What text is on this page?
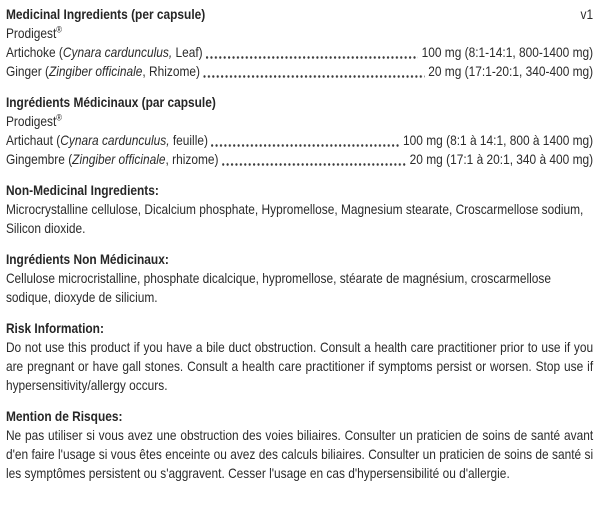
Medicinal Ingredients (per capsule)	v1

Prodigest®

Artichoke (Cynara cardunculus, Leaf)	100 mg (8:1-14:1, 800-1400 mg)
Ginger (Zingiber officinale, Rhizome)	20 mg (17:1-20:1, 340-400 mg)
Ingrédients Médicinaux (par capsule)

Prodigest®

Artichaut (Cynara cardunculus, feuille)	100 mg (8:1 à 14:1, 800 à 1400 mg)
Gingembre (Zingiber officinale, rhizome)	20 mg (17:1 à 20:1, 340 à 400 mg)
Non-Medicinal Ingredients:

Microcrystalline cellulose, Dicalcium phosphate, Hypromellose, Magnesium stearate, Croscarmellose sodium, Silicon dioxide.

Ingrédients Non Médicinaux:

Cellulose microcristalline, phosphate dicalcique, hypromellose, stéarate de magnésium, croscarmellose sodique, dioxyde de silicium.

Risk Information:

Do not use this product if you have a bile duct obstruction. Consult a health care practitioner prior to use if you are pregnant or have gall stones. Consult a health care practitioner if symptoms persist or worsen. Stop use if hypersensitivity/allergy occurs.

Mention de Risques:

Ne pas utiliser si vous avez une obstruction des voies biliaires. Consulter un praticien de soins de santé avant d'en faire l'usage si vous êtes enceinte ou avez des calculs biliaires. Consulter un praticien de soins de santé si les symptômes persistent ou s'aggravent. Cesser l'usage en cas d'hypersensibilité ou d'allergie.
